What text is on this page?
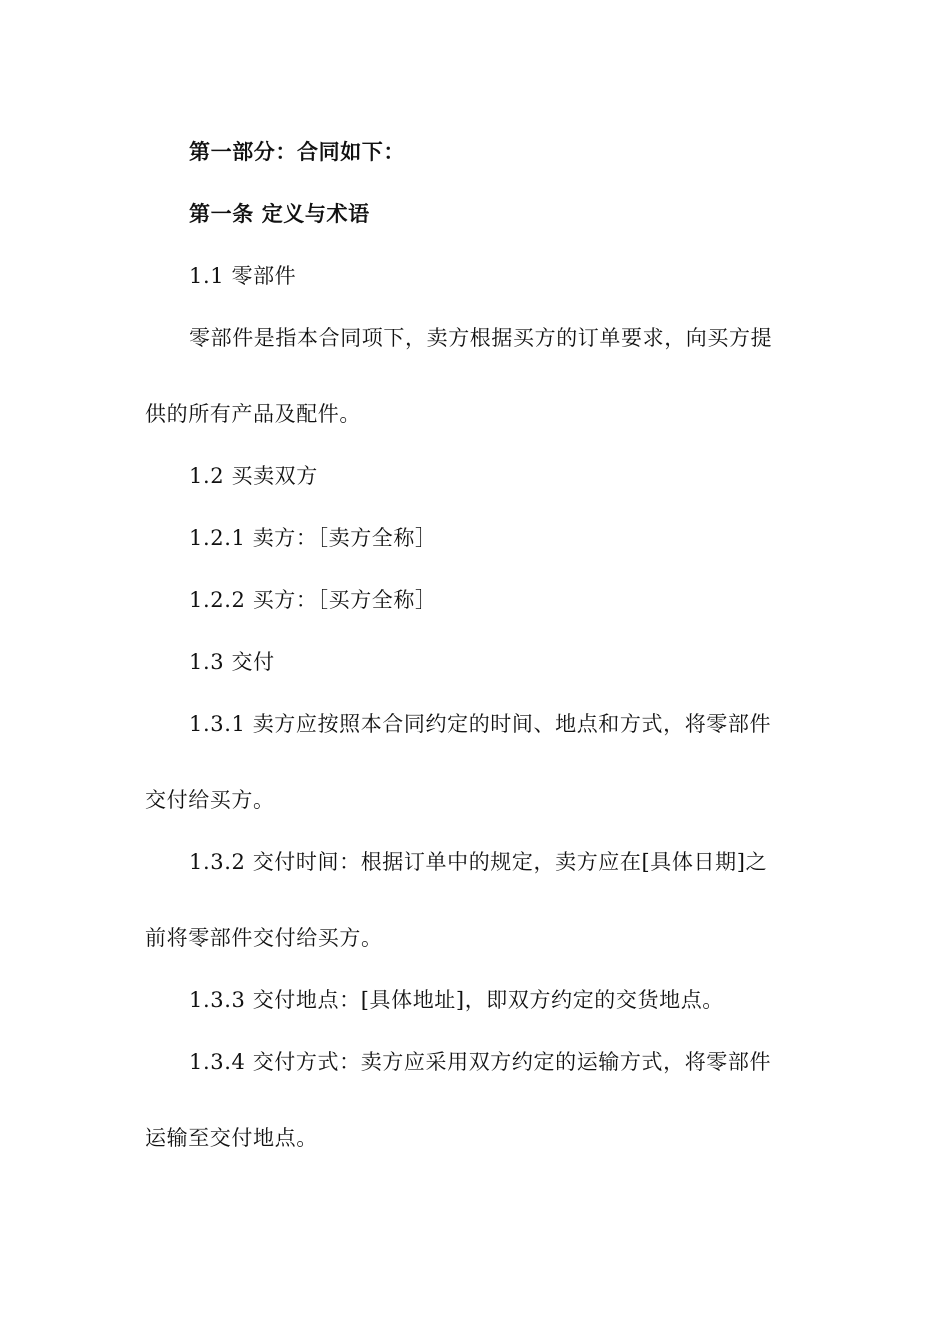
第一部分：合同如下：
第一条 定义与术语
1.1 零部件
零部件是指本合同项下，卖方根据买方的订单要求，向买方提
供的所有产品及配件。
1.2 买卖双方
1.2.1 卖方：［卖方全称］
1.2.2 买方：［买方全称］
1.3 交付
1.3.1 卖方应按照本合同约定的时间、地点和方式，将零部件
交付给买方。
1.3.2 交付时间：根据订单中的规定，卖方应在[具体日期]之
前将零部件交付给买方。
1.3.3 交付地点：[具体地址]，即双方约定的交货地点。
1.3.4 交付方式：卖方应采用双方约定的运输方式，将零部件
运输至交付地点。
